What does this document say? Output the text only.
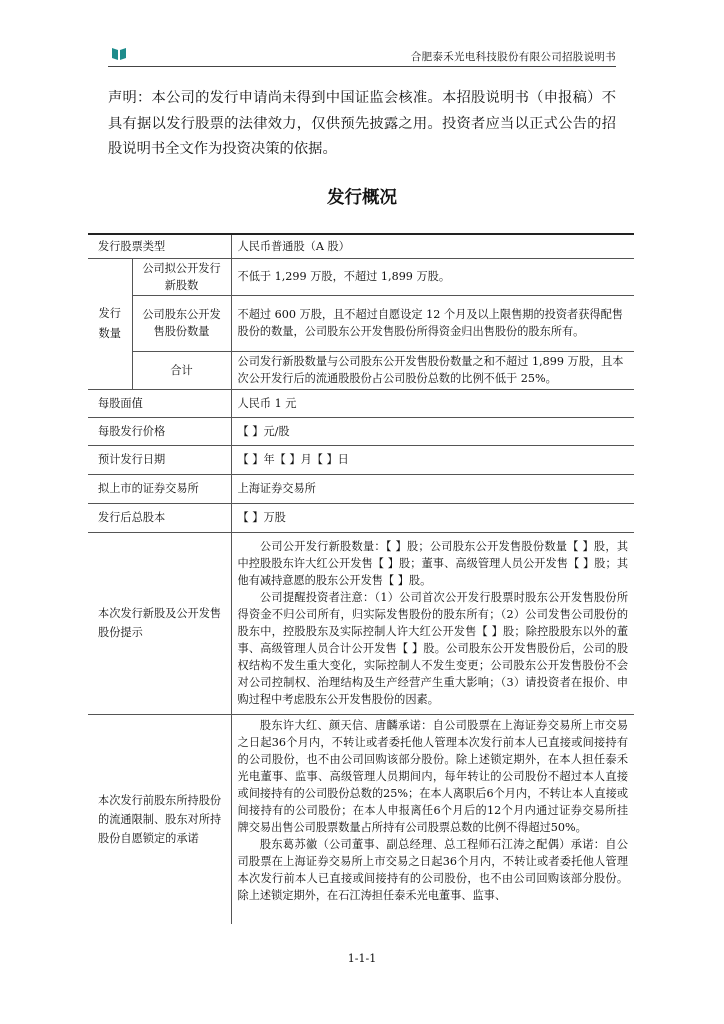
合肥泰禾光电科技股份有限公司招股说明书
声明：本公司的发行申请尚未得到中国证监会核准。本招股说明书（申报稿）不具有据以发行股票的法律效力，仅供预先披露之用。投资者应当以正式公告的招股说明书全文作为投资决策的依据。
发行概况
发行股票类型		人民币普通股（A 股）
发行数量	公司拟公开发行新股数	不低于 1,299 万股，不超过 1,899 万股。
	公司股东公开发售股份数量	不超过 600 万股，且不超过自愿设定 12 个月及以上限售期的投资者获得配售股份的数量，公司股东公开发售股份所得资金归出售股份的股东所有。
	合计	公司发行新股数量与公司股东公开发售股份数量之和不超过 1,899 万股，且本次公开发行后的流通股股份占公司股份总数的比例不低于 25%。
每股面值		人民币 1 元
每股发行价格		【 】元/股
预计发行日期		【 】年【 】月【 】日
拟上市的证券交易所		上海证券交易所
发行后总股本		【 】万股
本次发行新股及公开发售股份提示		公司公开发行新股数量：【 】股；公司股东公开发售股份数量【 】股，其中控股股东许大红公开发售【 】股；董事、高级管理人员公开发售【 】股；其他有减持意愿的股东公开发售【 】股。

公司提醒投资者注意：（1）公司首次公开发行股票时股东公开发售股份所得资金不归公司所有，归实际发售股份的股东所有；（2）公司发售公司股份的股东中，控股股东及实际控制人许大红公开发售【 】股；除控股股东以外的董事、高级管理人员合计公开发售【 】股。公司股东公开发售股份后，公司的股权结构不发生重大变化，实际控制人不发生变更；公司股东公开发售股份不会对公司控制权、治理结构及生产经营产生重大影响；（3）请投资者在报价、申购过程中考虑股东公开发售股份的因素。

本次发行前股东所持股份的流通限制、股东对所持股份自愿锁定的承诺		股东许大红、颜天信、唐麟承诺：自公司股票在上海证券交易所上市交易之日起36个月内，不转让或者委托他人管理本次发行前本人已直接或间接持有的公司股份，也不由公司回购该部分股份。除上述锁定期外，在本人担任泰禾光电董事、监事、高级管理人员期间内，每年转让的公司股份不超过本人直接或间接持有的公司股份总数的25%；在本人离职后6个月内，不转让本人直接或间接持有的公司股份；在本人申报离任6个月后的12个月内通过证券交易所挂牌交易出售公司股票数量占所持有公司股票总数的比例不得超过50%。

股东葛苏徽（公司董事、副总经理、总工程师石江涛之配偶）承诺：自公司股票在上海证券交易所上市交易之日起36个月内，不转让或者委托他人管理本次发行前本人已直接或间接持有的公司股份，也不由公司回购该部分股份。除上述锁定期外，在石江涛担任泰禾光电董事、监事、

1-1-1
